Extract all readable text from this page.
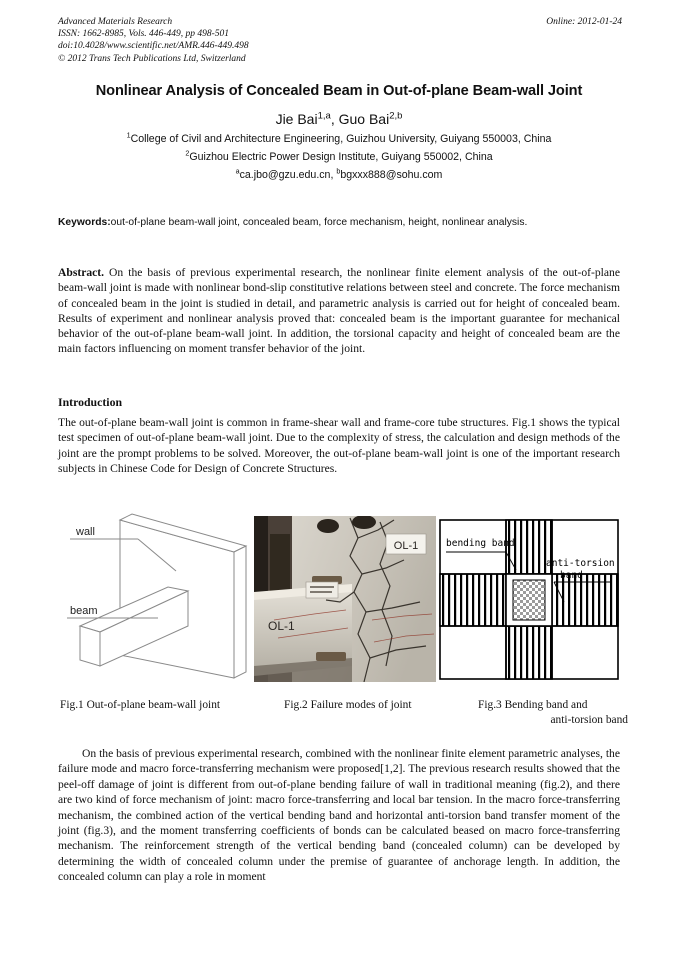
Online: 2012-01-24
Advanced Materials Research
ISSN: 1662-8985, Vols. 446-449, pp 498-501
doi:10.4028/www.scientific.net/AMR.446-449.498
© 2012 Trans Tech Publications Ltd, Switzerland
Nonlinear Analysis of Concealed Beam in Out-of-plane Beam-wall Joint
Jie Bai$^{1,a}$, Guo Bai$^{2,b}$
$^1$College of Civil and Architecture Engineering, Guizhou University, Guiyang 550003, China
$^2$Guizhou Electric Power Design Institute, Guiyang 550002, China
$^a$ca.jbo@gzu.edu.cn, $^b$bgxxx888@sohu.com
Keywords:out-of-plane beam-wall joint, concealed beam, force mechanism, height, nonlinear analysis.
Abstract. On the basis of previous experimental research, the nonlinear finite element analysis of the out-of-plane beam-wall joint is made with nonlinear bond-slip constitutive relations between steel and concrete. The force mechanism of concealed beam in the joint is studied in detail, and parametric analysis is carried out for height of concealed beam. Results of experiment and nonlinear analysis proved that: concealed beam is the important guarantee for mechanical behavior of the out-of-plane beam-wall joint. In addition, the torsional capacity and height of concealed beam are the main factors influencing on moment transfer behavior of the joint.
Introduction
The out-of-plane beam-wall joint is common in frame-shear wall and frame-core tube structures. Fig.1 shows the typical test specimen of out-of-plane beam-wall joint. Due to the complexity of stress, the calculation and design methods of the joint are the prompt problems to be solved. Moreover, the out-of-plane beam-wall joint is one of the important research subjects in Chinese Code for Design of Concrete Structures.
wall
beam
OL-1
OL-1
bending band
anti-torsion
band
Fig.1 Out-of-plane beam-wall joint	Fig.2 Failure modes of joint	Fig.3 Bending band and
anti-torsion band
On the basis of previous experimental research, combined with the nonlinear finite element parametric analyses, the failure mode and macro force-transferring mechanism were proposed[1,2]. The previous research results showed that the peel-off damage of joint is different from out-of-plane bending failure of wall in traditional meaning (fig.2), and there are two kind of force mechanism of joint: macro force-transferring and local bar tension. In the macro force-transferring mechanism, the combined action of the vertical bending band and horizontal anti-torsion band transfer moment of the joint (fig.3), and the moment transferring coefficients of bonds can be calculated beased on macro force-transferring mechanism. The reinforcement strength of the vertical bending band (concealed column) can be developed by determining the width of concealed column under the premise of guarantee of anchorage length. In addition, the concealed column can play a role in moment
